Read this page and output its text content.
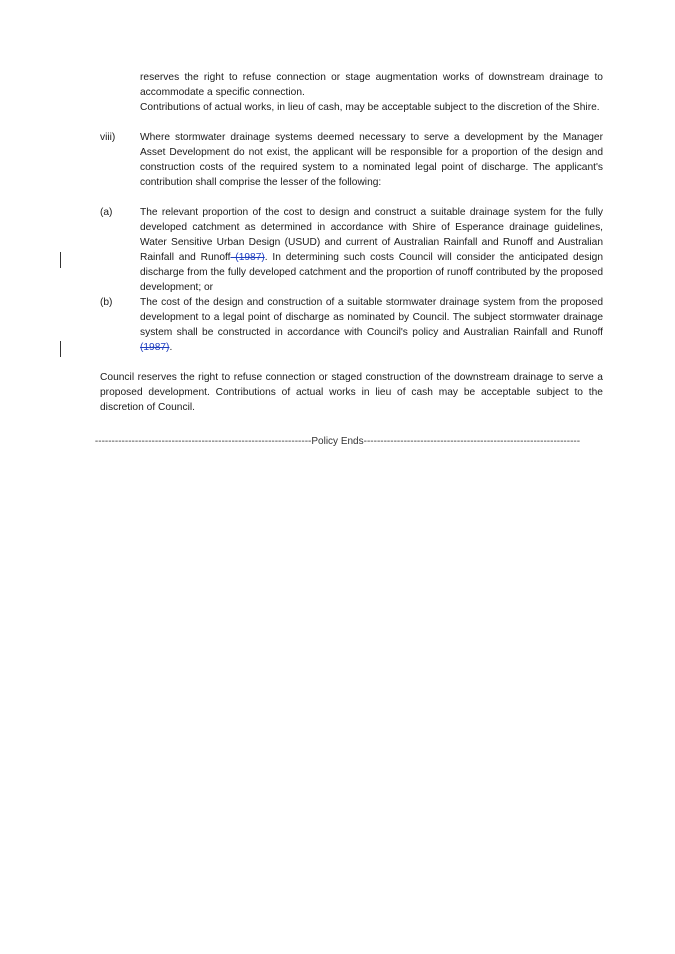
reserves the right to refuse connection or stage augmentation works of downstream drainage to accommodate a specific connection.

Contributions of actual works, in lieu of cash, may be acceptable subject to the discretion of the Shire.

viii) Where stormwater drainage systems deemed necessary to serve a development by the Manager Asset Development do not exist, the applicant will be responsible for a proportion of the design and construction costs of the required system to a nominated legal point of discharge. The applicant's contribution shall comprise the lesser of the following:
(a)	The relevant proportion of the cost to design and construct a suitable drainage system for the fully developed catchment as determined in accordance with Shire of Esperance drainage guidelines, Water Sensitive Urban Design (USUD) and current of Australian Rainfall and Runoff and Australian Rainfall and Runoff (1987). In determining such costs Council will consider the anticipated design discharge from the fully developed catchment and the proportion of runoff contributed by the proposed development; or
(b)	The cost of the design and construction of a suitable stormwater drainage system from the proposed development to a legal point of discharge as nominated by Council. The subject stormwater drainage system shall be constructed in accordance with Council's policy and Australian Rainfall and Runoff (1987).

Council reserves the right to refuse connection or staged construction of the downstream drainage to serve a proposed development. Contributions of actual works in lieu of cash may be acceptable subject to the discretion of Council.

-----------------------------------------------------------------Policy Ends-----------------------------------------------------------------
